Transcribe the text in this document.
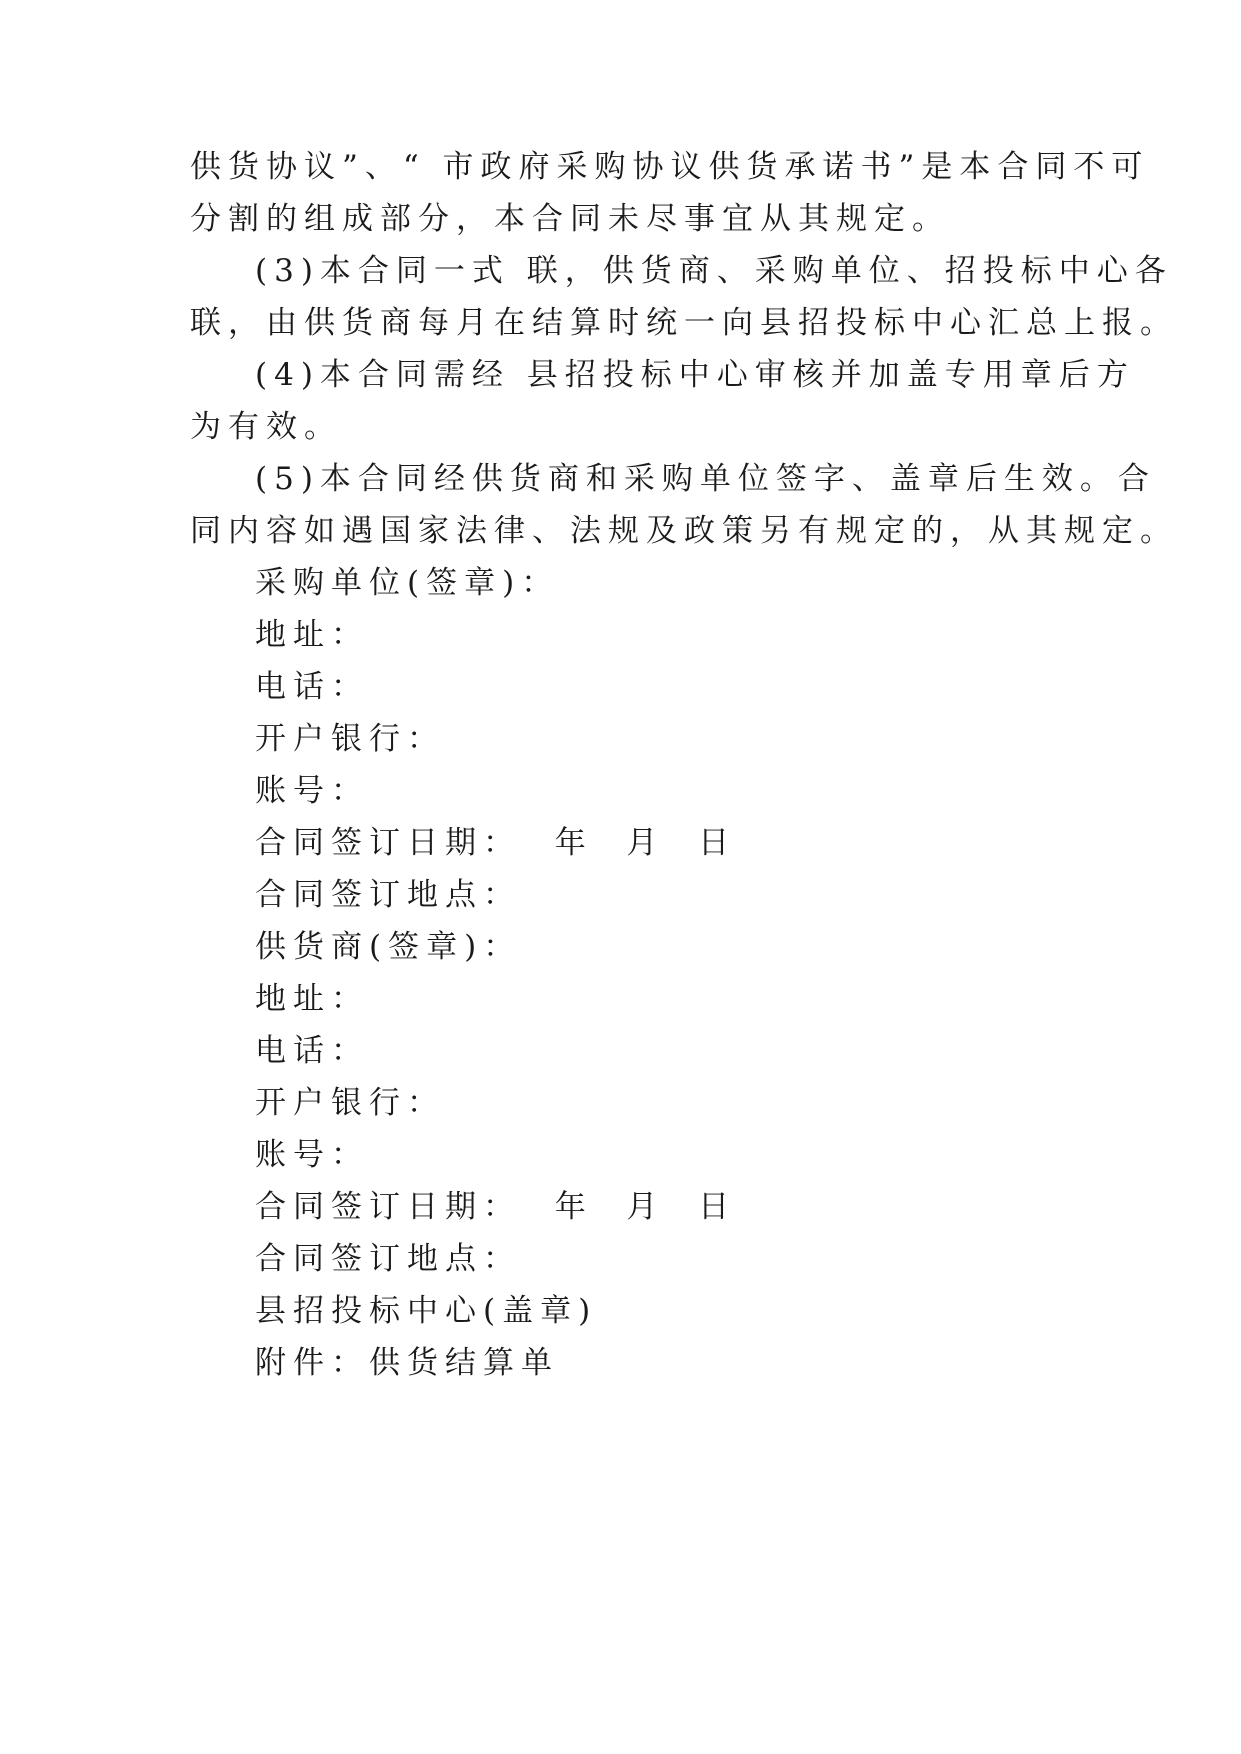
供货协议”、“ 市政府采购协议供货承诺书”是本合同不可
分割的组成部分，本合同未尽事宜从其规定。
(3)本合同一式 联，供货商、采购单位、招投标中心各
联，由供货商每月在结算时统一向县招投标中心汇总上报。
(4)本合同需经 县招投标中心审核并加盖专用章后方
为有效。
(5)本合同经供货商和采购单位签字、盖章后生效。合
同内容如遇国家法律、法规及政策另有规定的，从其规定。
采购单位(签章)：
地址：
电话：
开户银行：
账号：
合同签订日期：  年  月  日
合同签订地点：
供货商(签章)：
地址：
电话：
开户银行：
账号：
合同签订日期：  年  月  日
合同签订地点：
县招投标中心(盖章)
附件：供货结算单
